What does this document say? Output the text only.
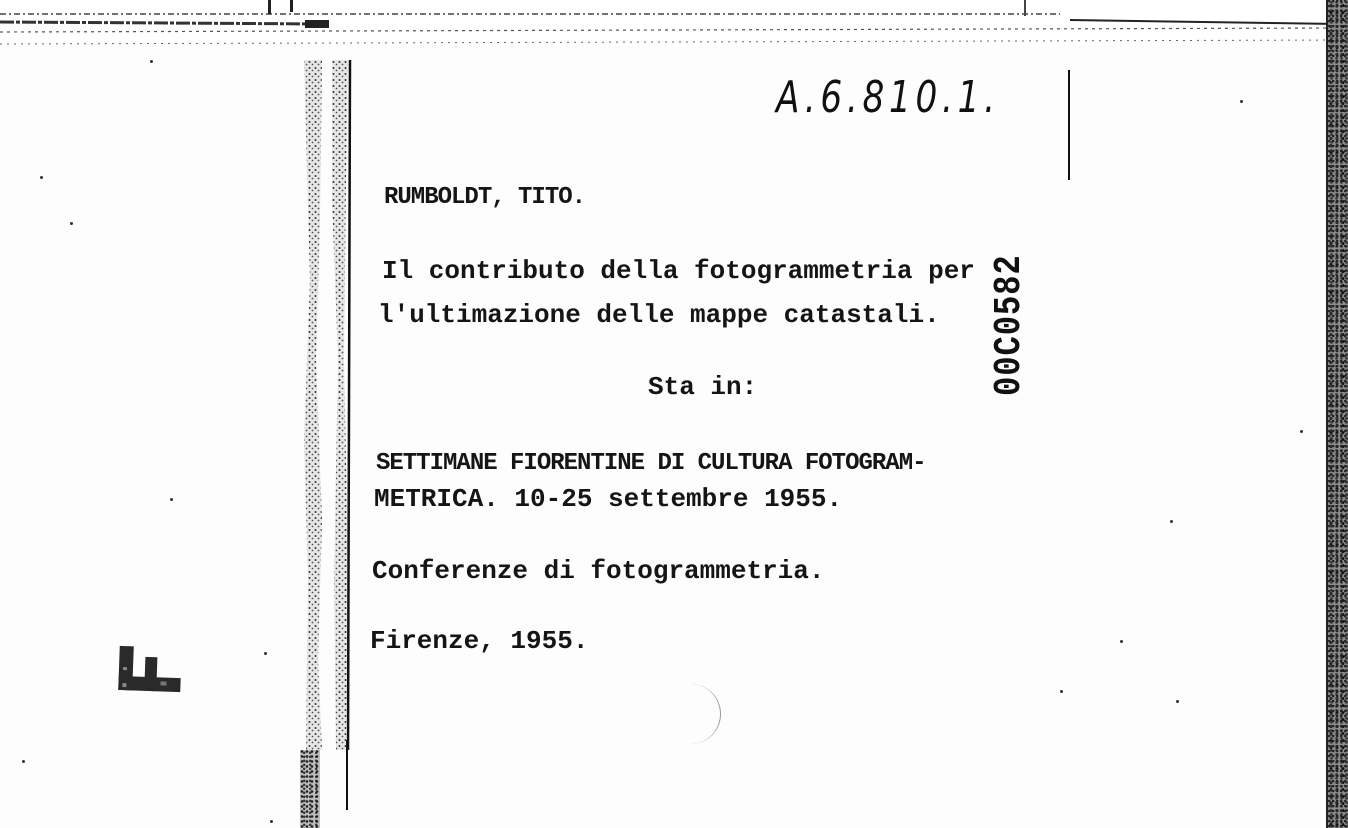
A.6.810.1.
RUMBOLDT, TITO.
Il contributo della fotogrammetria per
l'ultimazione delle mappe catastali.
Sta in:
SETTIMANE FIORENTINE DI CULTURA FOTOGRAM-
METRICA. 10-25 settembre 1955.
Conferenze di fotogrammetria.
Firenze, 1955.
00C0582
